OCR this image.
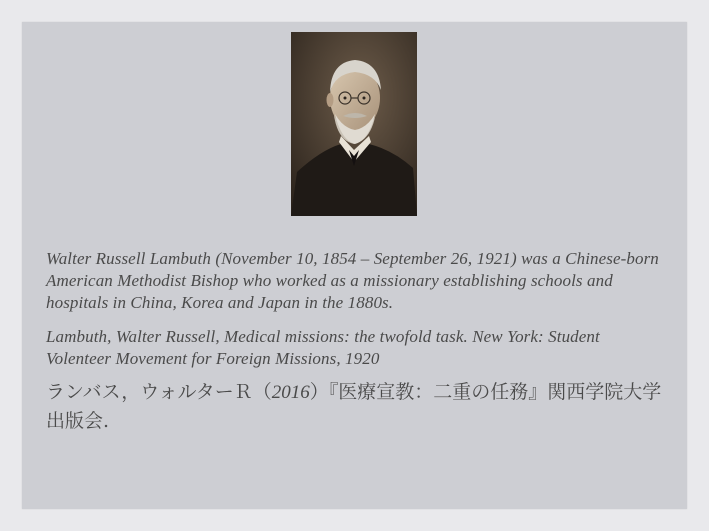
Walter Russell Lambuth (November 10, 1854 – September 26, 1921) was a Chinese-born American Methodist Bishop who worked as a missionary establishing schools and hospitals in China, Korea and Japan in the 1880s.

Lambuth, Walter Russell, Medical missions: the twofold task. New York: Student Volenteer Movement for Foreign Missions, 1920

ランバス，ウォルターＲ（2016）『医療宣教：二重の任務』関西学院大学出版会.
